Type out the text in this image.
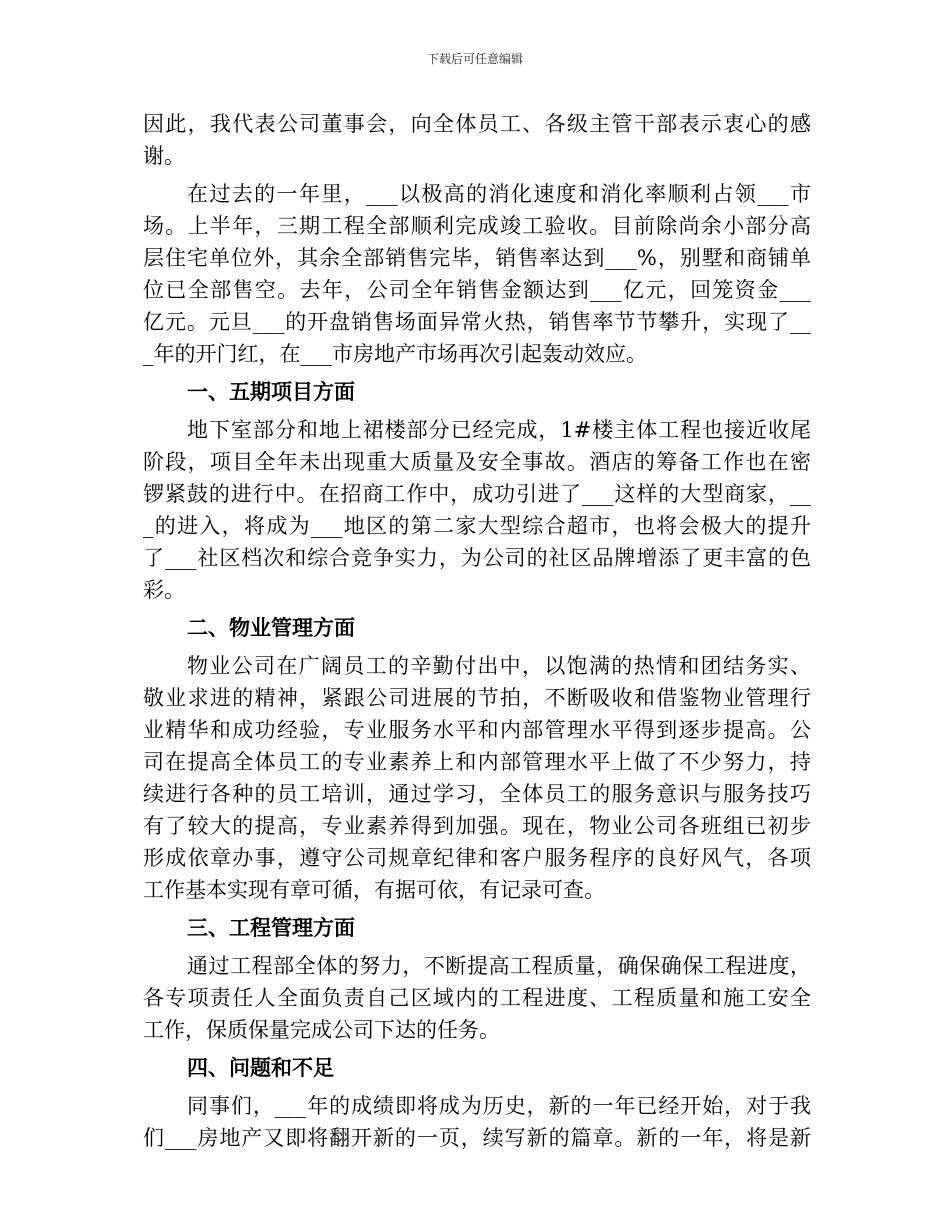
下载后可任意编辑
因此，我代表公司董事会，向全体员工、各级主管干部表示衷心的感
谢。
在过去的一年里，___以极高的消化速度和消化率顺利占领___市
场。上半年，三期工程全部顺利完成竣工验收。目前除尚余小部分高
层住宅单位外，其余全部销售完毕，销售率达到___%，别墅和商铺单
位已全部售空。去年，公司全年销售金额达到___亿元，回笼资金___
亿元。元旦___的开盘销售场面异常火热，销售率节节攀升，实现了__
_年的开门红，在___市房地产市场再次引起轰动效应。
一、五期项目方面
地下室部分和地上裙楼部分已经完成，1#楼主体工程也接近收尾
阶段，项目全年未出现重大质量及安全事故。酒店的筹备工作也在密
锣紧鼓的进行中。在招商工作中，成功引进了___这样的大型商家，__
_的进入，将成为___地区的第二家大型综合超市，也将会极大的提升
了___社区档次和综合竞争实力，为公司的社区品牌增添了更丰富的色
彩。
二、物业管理方面
物业公司在广阔员工的辛勤付出中，以饱满的热情和团结务实、
敬业求进的精神，紧跟公司进展的节拍，不断吸收和借鉴物业管理行
业精华和成功经验，专业服务水平和内部管理水平得到逐步提高。公
司在提高全体员工的专业素养上和内部管理水平上做了不少努力，持
续进行各种的员工培训，通过学习，全体员工的服务意识与服务技巧
有了较大的提高，专业素养得到加强。现在，物业公司各班组已初步
形成依章办事，遵守公司规章纪律和客户服务程序的良好风气，各项
工作基本实现有章可循，有据可依，有记录可查。
三、工程管理方面
通过工程部全体的努力，不断提高工程质量，确保确保工程进度，
各专项责任人全面负责自己区域内的工程进度、工程质量和施工安全
工作，保质保量完成公司下达的任务。
四、问题和不足
同事们，___年的成绩即将成为历史，新的一年已经开始，对于我
们___房地产又即将翻开新的一页，续写新的篇章。新的一年，将是新
